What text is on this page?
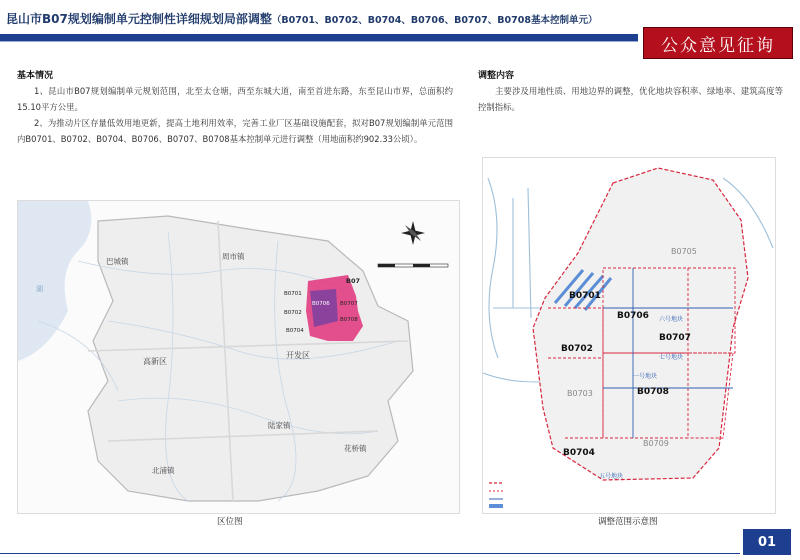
昆山市B07规划编制单元控制性详细规划局部调整（B0701、B0702、B0704、B0706、B0707、B0708基本控制单元）
公众意见征询
基本情况
1、昆山市B07规划编制单元规划范围，北至太仓塘，西至东城大道，南至首进东路，东至昆山市界，总面积约15.10平方公里。
2、为推动片区存量低效用地更新，提高土地利用效率，完善工业厂区基础设施配套，拟对B07规划编制单元范围内B0701、B0702、B0704、B0706、B0707、B0708基本控制单元进行调整（用地面积约902.33公顷）。
调整内容
主要涉及用地性质、用地边界的调整，优化地块容积率、绿地率、建筑高度等控制指标。
湖
巴城镇
周市镇
高新区
开发区
陆家镇
北浦镇
花桥镇
B07
B0701
B0706 B0707
B0702
B0708
B0704
区位图
B0705
B0701
B0706
B0707
B0702
B0703	B0708
B0704
B0709
六号地块
七号地块
一号地块
五号地块
调整范围示意图
01
